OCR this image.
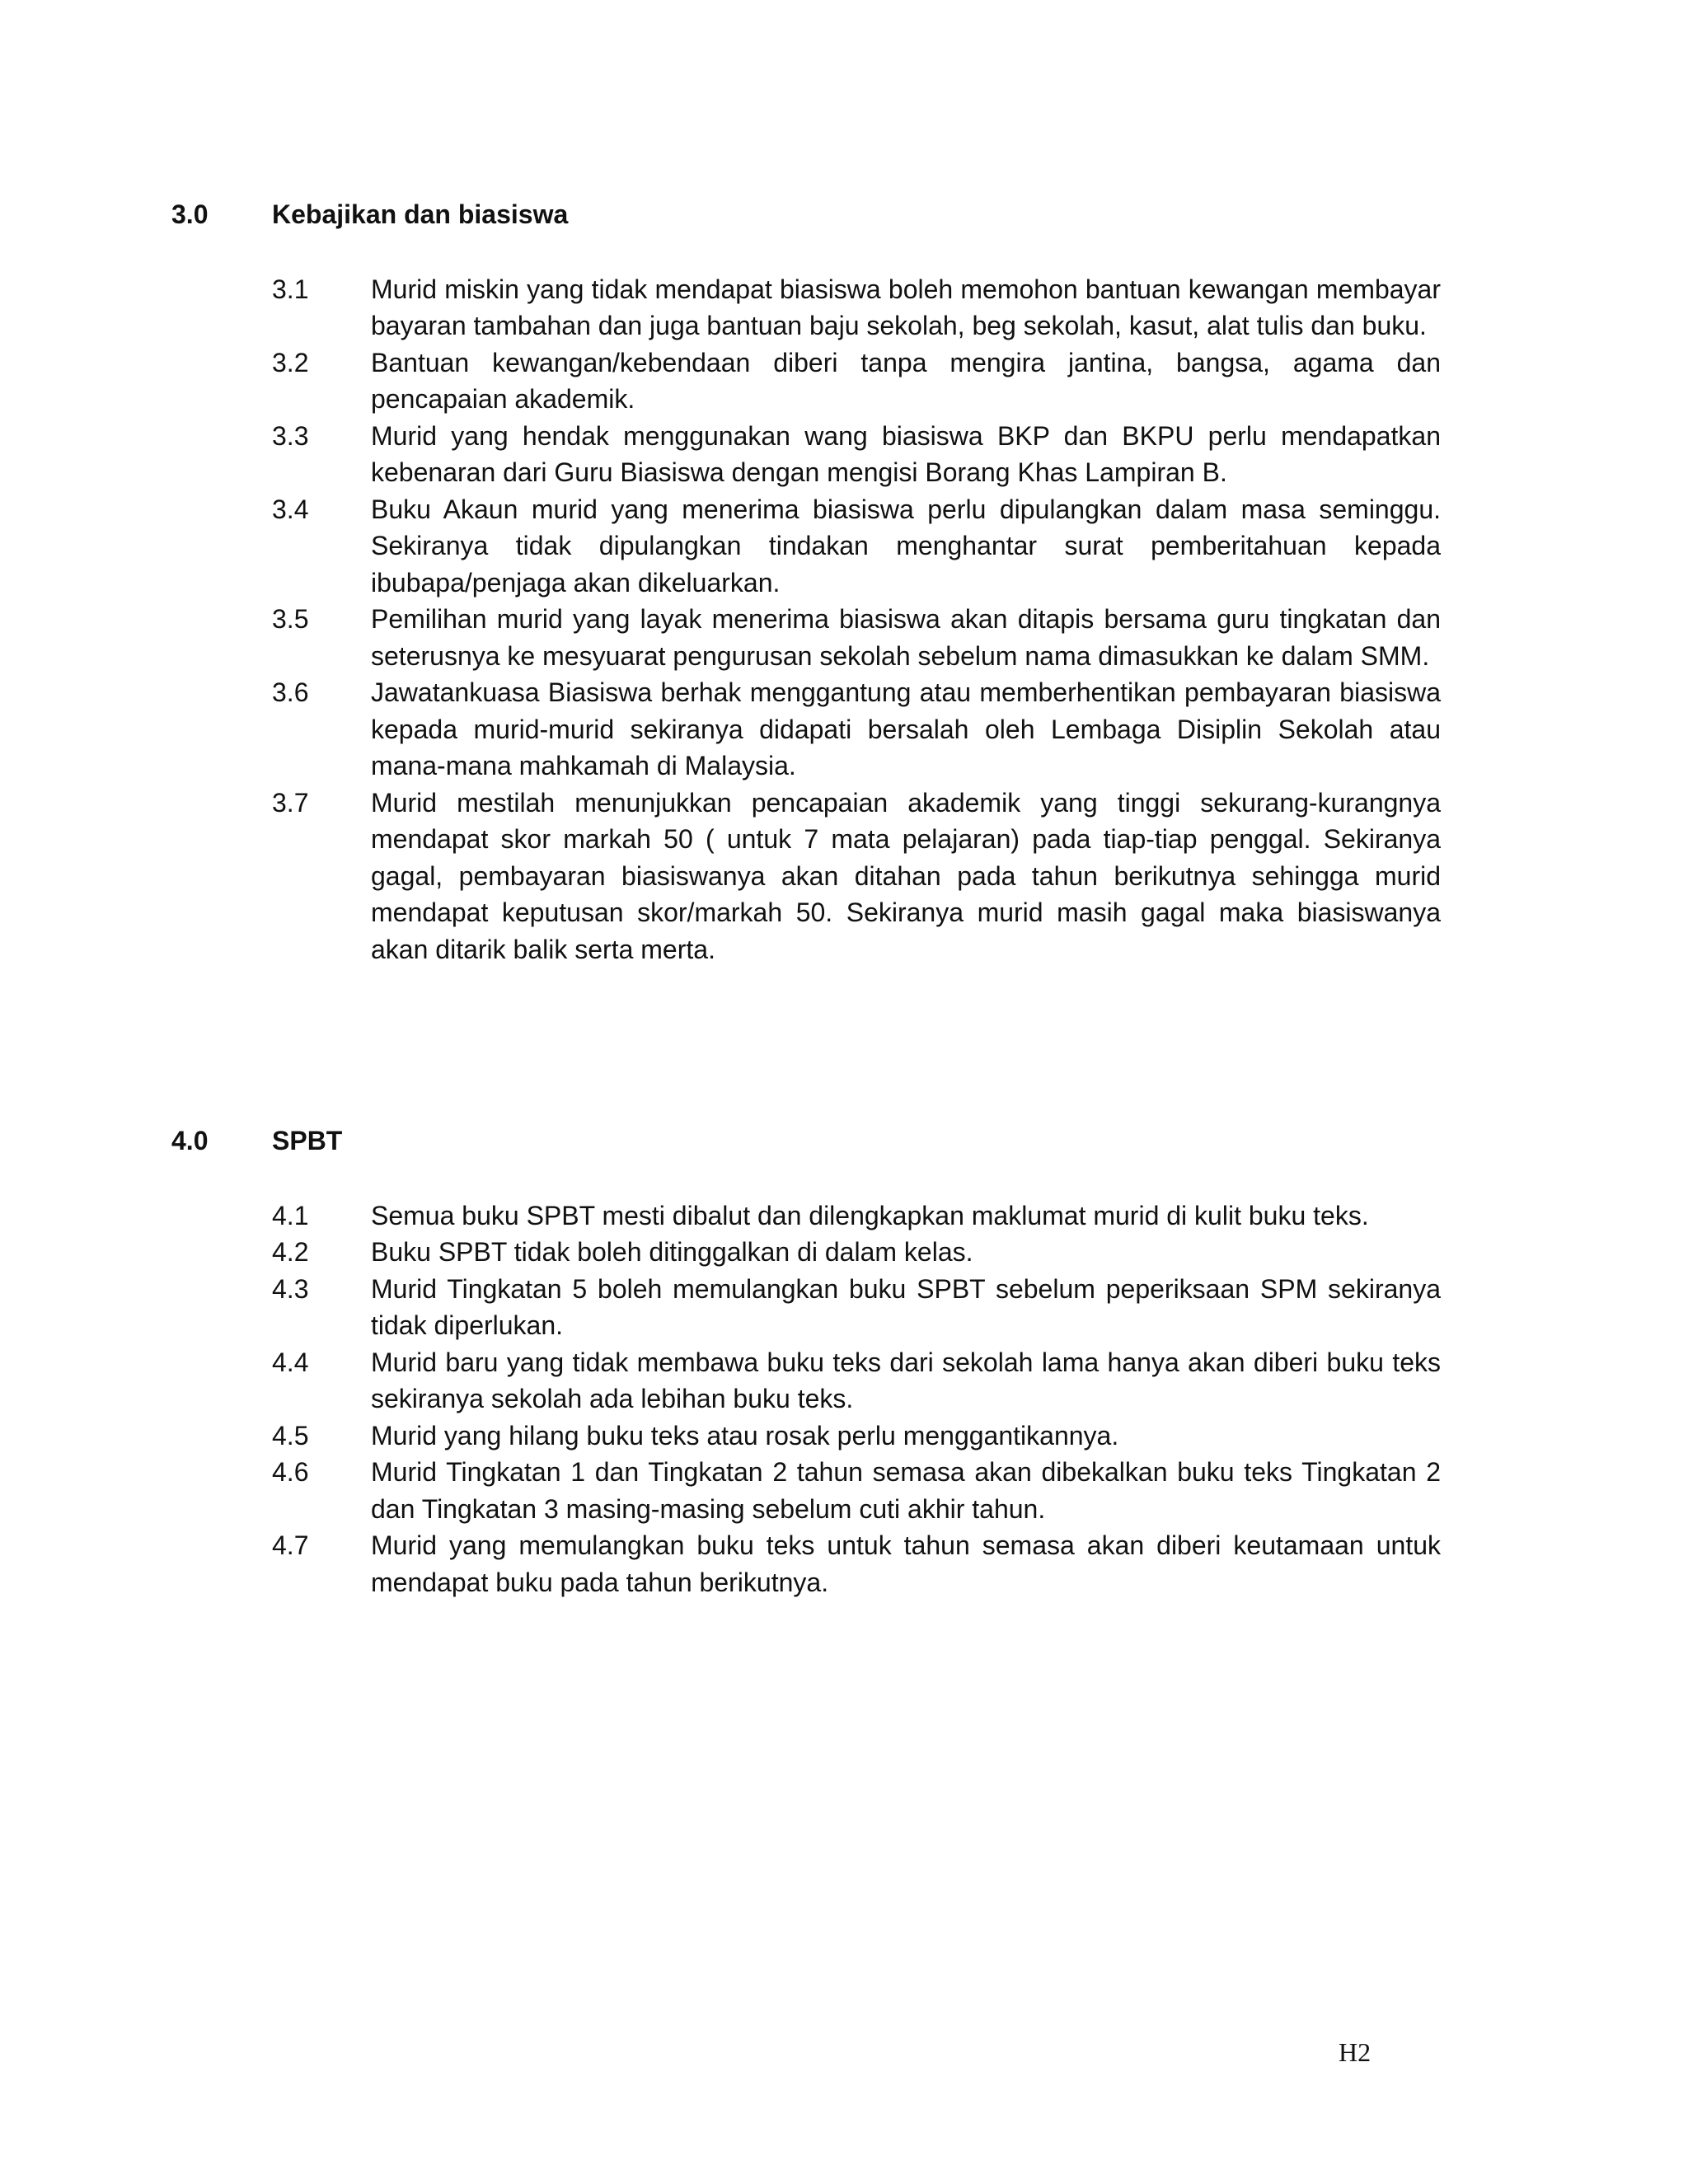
3.0	Kebajikan dan biasiswa
3.1	Murid miskin yang tidak mendapat biasiswa boleh memohon bantuan kewangan membayar bayaran tambahan dan juga bantuan baju sekolah, beg sekolah, kasut, alat tulis dan buku.
3.2	Bantuan kewangan/kebendaan diberi tanpa mengira jantina, bangsa, agama dan pencapaian akademik.
3.3	Murid yang hendak menggunakan wang biasiswa BKP dan BKPU perlu mendapatkan kebenaran dari Guru Biasiswa dengan mengisi Borang Khas Lampiran B.
3.4	Buku Akaun murid yang menerima biasiswa perlu dipulangkan dalam masa seminggu. Sekiranya tidak dipulangkan tindakan menghantar surat pemberitahuan kepada ibubapa/penjaga akan dikeluarkan.
3.5	Pemilihan murid yang layak menerima biasiswa akan ditapis bersama guru tingkatan dan seterusnya ke mesyuarat pengurusan sekolah sebelum nama dimasukkan ke dalam SMM.
3.6	Jawatankuasa Biasiswa berhak menggantung atau memberhentikan pembayaran biasiswa kepada murid-murid sekiranya didapati bersalah oleh Lembaga Disiplin Sekolah atau mana-mana mahkamah di Malaysia.
3.7	Murid mestilah menunjukkan pencapaian akademik yang tinggi sekurang-kurangnya mendapat skor markah 50 ( untuk 7 mata pelajaran) pada tiap-tiap penggal. Sekiranya gagal, pembayaran biasiswanya akan ditahan pada tahun berikutnya sehingga murid mendapat keputusan skor/markah 50. Sekiranya murid masih gagal maka biasiswanya akan ditarik balik serta merta.
4.0	SPBT
4.1	Semua buku SPBT mesti dibalut dan dilengkapkan maklumat murid di kulit buku teks.
4.2	Buku SPBT tidak boleh ditinggalkan di dalam kelas.
4.3	Murid Tingkatan 5 boleh memulangkan buku SPBT sebelum peperiksaan SPM sekiranya tidak diperlukan.
4.4	Murid baru yang tidak membawa buku teks dari sekolah lama hanya akan diberi buku teks sekiranya sekolah ada lebihan buku teks.
4.5	Murid yang hilang buku teks atau rosak perlu menggantikannya.
4.6	Murid Tingkatan 1 dan Tingkatan 2 tahun semasa akan dibekalkan buku teks Tingkatan 2 dan Tingkatan 3 masing-masing sebelum cuti akhir tahun.
4.7	Murid yang memulangkan buku teks untuk tahun semasa akan diberi keutamaan untuk mendapat buku pada tahun berikutnya.
H2
